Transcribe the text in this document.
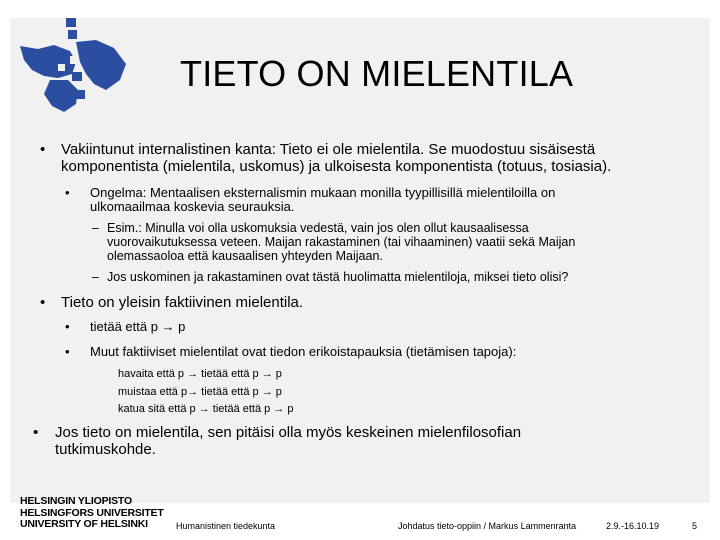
TIETO ON MIELENTILA
• Vakiintunut internalistinen kanta: Tieto ei ole mielentila. Se muodostuu sisäisestä
komponentista (mielentila, uskomus) ja ulkoisesta komponentista (totuus, tosiasia).
• Ongelma: Mentaalisen eksternalismin mukaan monilla tyypillisillä mielentiloilla on
ulkomaailmaa koskevia seurauksia.
– Esim.: Minulla voi olla uskomuksia vedestä, vain jos olen ollut kausaalisessa
vuorovaikutuksessa veteen. Maijan rakastaminen (tai vihaaminen) vaatii sekä Maijan
olemassaoloa että kausaalisen yhteyden Maijaan.
– Jos uskominen ja rakastaminen ovat tästä huolimatta mielentiloja, miksei tieto olisi?
• Tieto on yleisin faktiivinen mielentila.
• tietää että p → p
• Muut faktiiviset mielentilat ovat tiedon erikoistapauksia (tietämisen tapoja):
havaita että p → tietää että p → p
muistaa että p→ tietää että p → p
katua sitä että p → tietää että p → p
• Jos tieto on mielentila, sen pitäisi olla myös keskeinen mielenfilosofian
tutkimuskohde.
HELSINGIN YLIOPISTO
HELSINGFORS UNIVERSITET
UNIVERSITY OF HELSINKI	Humanistinen tiedekunta	Johdatus tieto-oppiin / Markus Lammenranta	2.9.-16.10.19	5
